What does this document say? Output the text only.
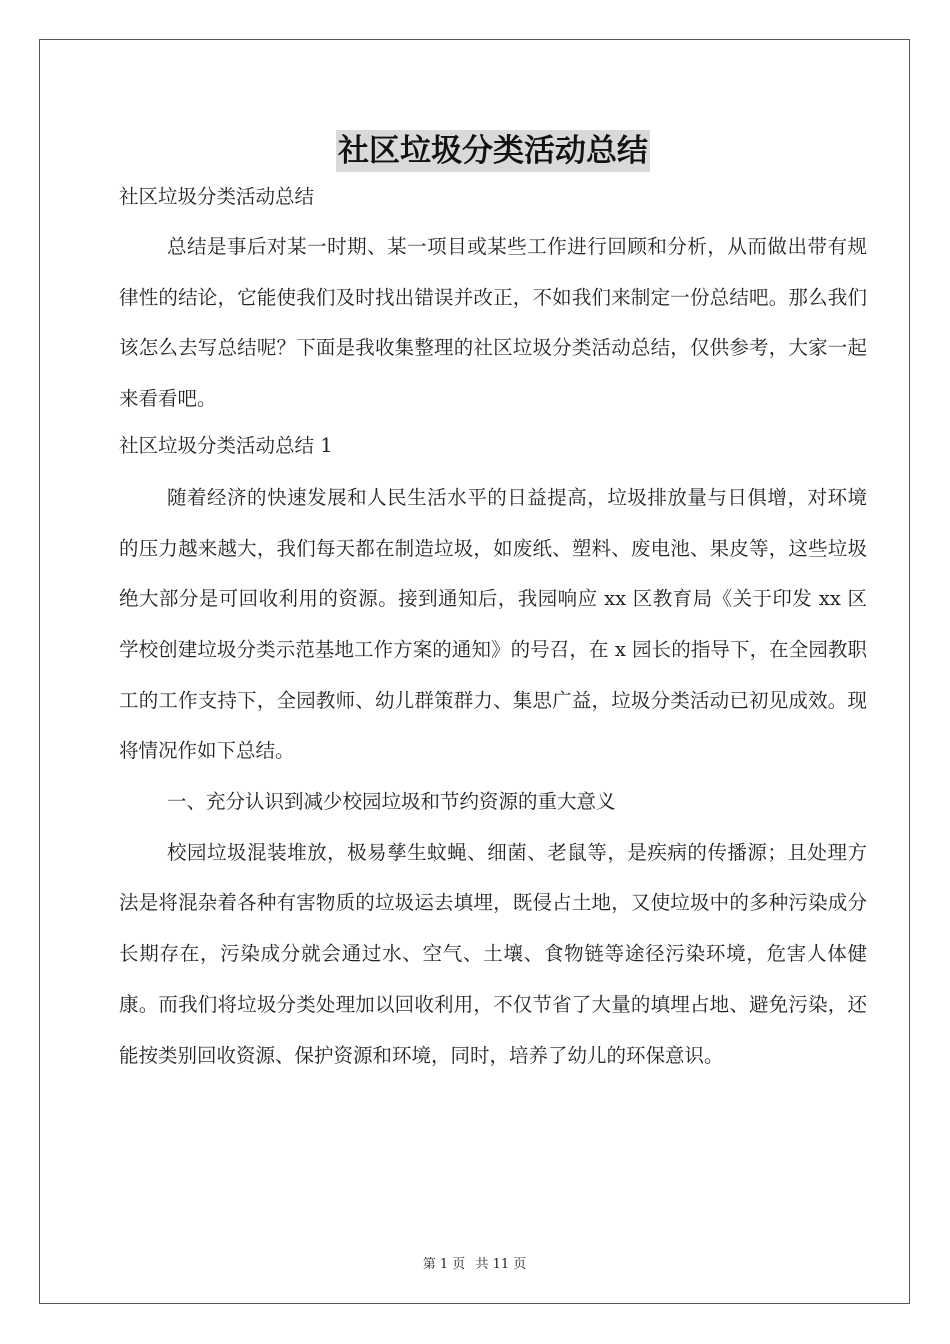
社区垃圾分类活动总结

社区垃圾分类活动总结

总结是事后对某一时期、某一项目或某些工作进行回顾和分析，从而做出带有规律性的结论，它能使我们及时找出错误并改正，不如我们来制定一份总结吧。那么我们该怎么去写总结呢？下面是我收集整理的社区垃圾分类活动总结，仅供参考，大家一起来看看吧。

社区垃圾分类活动总结 1

随着经济的快速发展和人民生活水平的日益提高，垃圾排放量与日俱增，对环境的压力越来越大，我们每天都在制造垃圾，如废纸、塑料、废电池、果皮等，这些垃圾绝大部分是可回收利用的资源。接到通知后，我园响应 xx 区教育局《关于印发 xx 区学校创建垃圾分类示范基地工作方案的通知》的号召，在 x 园长的指导下，在全园教职工的工作支持下，全园教师、幼儿群策群力、集思广益，垃圾分类活动已初见成效。现将情况作如下总结。

一、充分认识到减少校园垃圾和节约资源的重大意义

校园垃圾混装堆放，极易孳生蚊蝇、细菌、老鼠等，是疾病的传播源；且处理方法是将混杂着各种有害物质的垃圾运去填埋，既侵占土地，又使垃圾中的多种污染成分长期存在，污染成分就会通过水、空气、土壤、食物链等途径污染环境，危害人体健康。而我们将垃圾分类处理加以回收利用，不仅节省了大量的填埋占地、避免污染，还能按类别回收资源、保护资源和环境，同时，培养了幼儿的环保意识。

第 1 页 共 11 页
